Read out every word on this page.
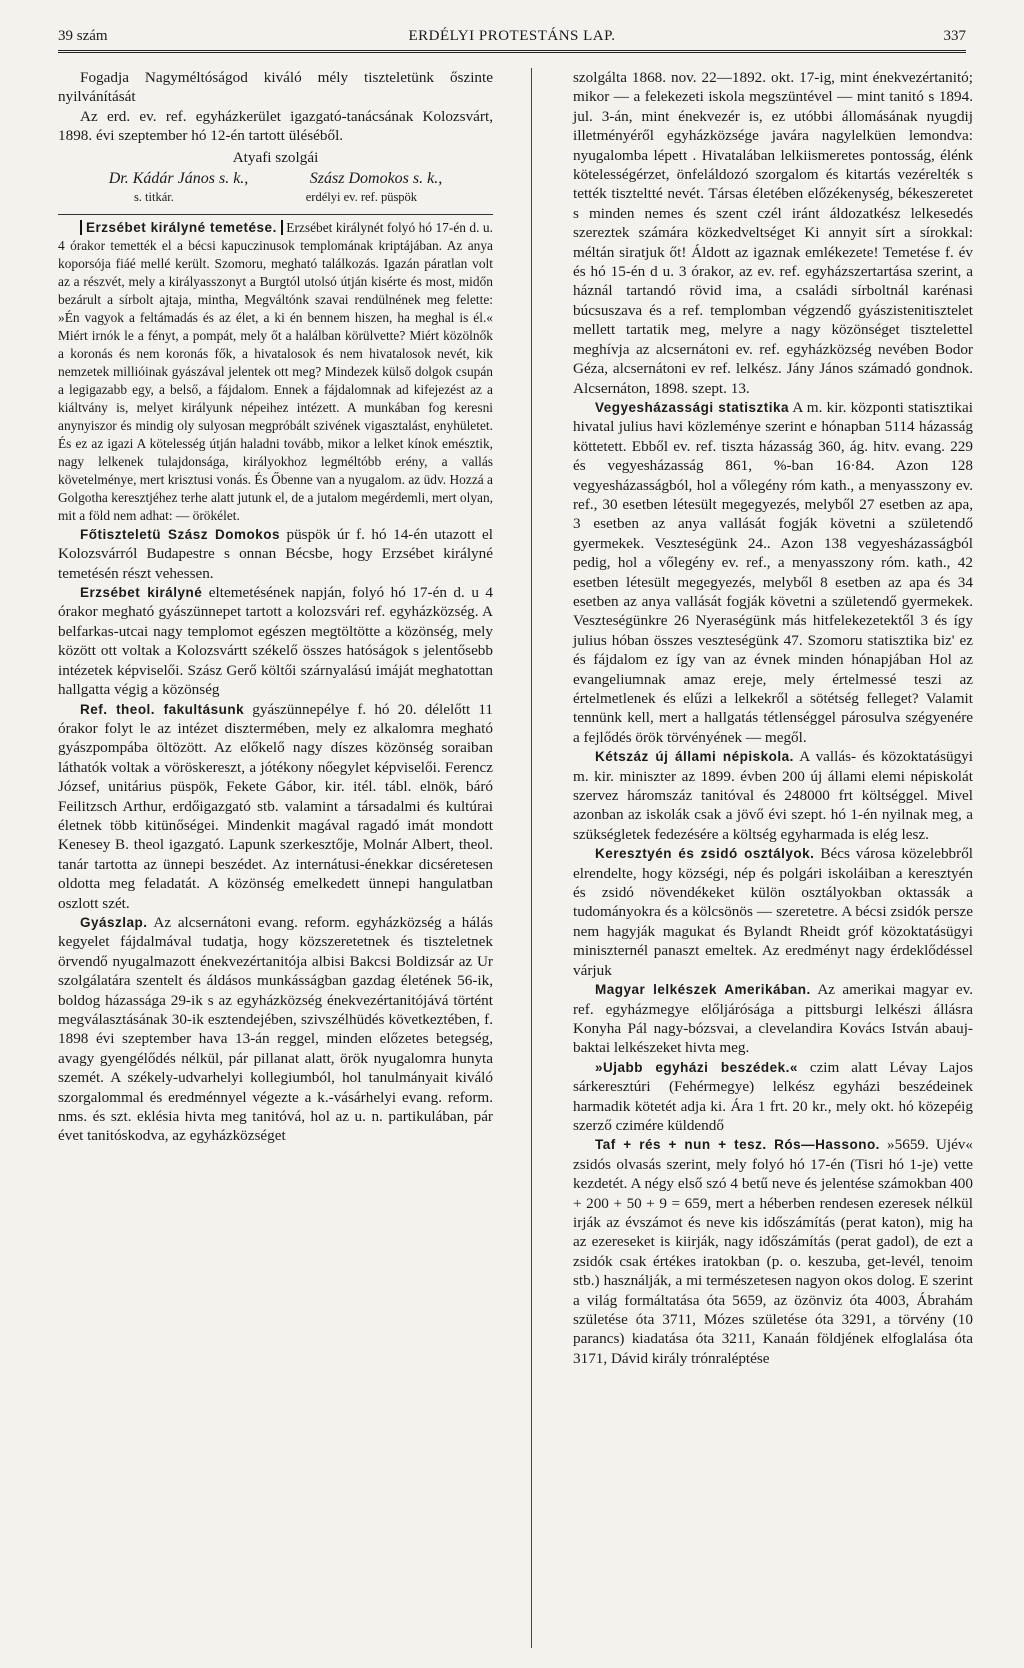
39 szám	ERDÉLYI PROTESTÁNS LAP.	337

Fogadja Nagyméltóságod kiváló mély tiszteletünk őszinte nyilvánítását

Az erd. ev. ref. egyházkerület igazgató-tanácsának Kolozsvárt, 1898. évi szeptember hó 12-én tartott üléséből.

Atyafi szolgái
Dr. Kádár János s. k.,	Szász Domokos s. k.,
s. titkár.	erdélyi ev. ref. püspök

Erzsébet királyné temetése. Erzsébet királynét folyó hó 17-én d. u. 4 órakor temették el a bécsi kapuczinusok templomának kriptájában. Az anya koporsója fiáé mellé került. Szomoru, megható találkozás. Igazán páratlan volt az a részvét, mely a királyasszonyt a Burgtól utolsó útján kisérte és most, midőn bezárult a sírbolt ajtaja, mintha, Megváltónk szavai rendülnének meg felette: »Én vagyok a feltámadás és az élet, a ki én bennem hiszen, ha meghal is él.« Miért irnók le a fényt, a pompát, mely őt a halálban körülvette? Miért közölnők a koronás és nem koronás fők, a hivatalosok és nem hivatalosok nevét, kik nemzetek millióinak gyászával jelentek ott meg? Mindezek külső dolgok csupán a legigazabb egy, a belső, a fájdalom. Ennek a fájdalomnak ad kifejezést az a kiáltvány is, melyet királyunk népeihez intézett. A munkában fog keresni anynyiszor és mindig oly sulyosan megpróbált szivének vigasztalást, enyhületet. És ez az igazi A kötelesség útján haladni tovább, mikor a lelket kínok emésztik, nagy lelkenek tulajdonsága, királyokhoz legméltóbb erény, a vallás követelménye, mert krisztusi vonás. És Őbenne van a nyugalom. az üdv. Hozzá a Golgotha keresztjéhez terhe alatt jutunk el, de a jutalom megérdemli, mert olyan, mit a föld nem adhat: — örökélet.

Főtiszteletü Szász Domokos püspök úr f. hó 14-én utazott el Kolozsvárról Budapestre s onnan Bécsbe, hogy Erzsébet királyné temetésén részt vehessen.

Erzsébet királyné eltemetésének napján, folyó hó 17-én d. u 4 órakor megható gyászünnepet tartott a kolozsvári ref. egyházközség. A belfarkas-utcai nagy templomot egészen megtöltötte a közönség, mely között ott voltak a Kolozsvártt székelő összes hatóságok s jelentősebb intézetek képviselői. Szász Gerő költői szárnyalású imáját meghatottan hallgatta végig a közönség

Ref. theol. fakultásunk gyászünnepélye f. hó 20. délelőtt 11 órakor folyt le az intézet disztermében, mely ez alkalomra megható gyászpompába öltözött. Az előkelő nagy díszes közönség soraiban láthatók voltak a vöröskereszt, a jótékony nőegylet képviselői. Ferencz József, unitárius püspök, Fekete Gábor, kir. itél. tábl. elnök, báró Feilitzsch Arthur, erdőigazgató stb. valamint a társadalmi és kultúrai életnek több kitünőségei. Mindenkit magával ragadó imát mondott Kenesey B. theol igazgató. Lapunk szerkesztője, Molnár Albert, theol. tanár tartotta az ünnepi beszédet. Az internátusi-énekkar dicséretesen oldotta meg feladatát. A közönség emelkedett ünnepi hangulatban oszlott szét.

Gyászlap. Az alcsernátoni evang. reform. egyházközség a hálás kegyelet fájdalmával tudatja, hogy közszeretetnek és tiszteletnek örvendő nyugalmazott énekvezértanitója albisi Bakcsi Boldizsár az Ur szolgálatára szentelt és áldásos munkásságban gazdag életének 56-ik, boldog házassága 29-ik s az egyházközség énekvezértanitójává történt megválasztásának 30-ik esztendejében, szivszélhüdés következtében, f. 1898 évi szeptember hava 13-án reggel, minden előzetes betegség, avagy gyengélődés nélkül, pár pillanat alatt, örök nyugalomra hunyta szemét. A székely-udvarhelyi kollegiumból, hol tanulmányait kiváló szorgalommal és eredménnyel végezte a k.-vásárhelyi evang. reform. nms. és szt. eklésia hivta meg tanitóvá, hol az u. n. partikulában, pár évet tanitóskodva, az egyházközséget

szolgálta 1868. nov. 22—1892. okt. 17-ig, mint énekvezértanitó; mikor — a felekezeti iskola megszüntével — mint tanitó s 1894. jul. 3-án, mint énekvezér is, ez utóbbi állomásának nyugdij illetményéről egyházközsége javára nagylelküen lemondva: nyugalomba lépett . Hivatalában lelkiismeretes pontosság, élénk kötelességérzet, önfeláldozó szorgalom és kitartás vezérelték s tették tiszteltté nevét. Társas életében előzékenység, békeszeretet s minden nemes és szent czél iránt áldozatkész lelkesedés szereztek számára közkedveltséget Ki annyit sírt a sírokkal: méltán siratjuk őt! Áldott az igaznak emlékezete! Temetése f. év és hó 15-én d u. 3 órakor, az ev. ref. egyházszertartása szerint, a háznál tartandó rövid ima, a családi sírboltnál karénasi búcsuszava és a ref. templomban végzendő gyászistenitisztelet mellett tartatik meg, melyre a nagy közönséget tisztelettel meghívja az alcsernátoni ev. ref. egyházközség nevében Bodor Géza, alcsernátoni ev ref. lelkész. Jány János számadó gondnok. Alcsernáton, 1898. szept. 13.

Vegyesházassági statisztika A m. kir. központi statisztikai hivatal julius havi közleménye szerint e hónapban 5114 házasság köttetett. Ebből ev. ref. tiszta házasság 360, ág. hitv. evang. 229 és vegyesházasság 861, %-ban 16·84. Azon 128 vegyesházasságból, hol a vőlegény róm kath., a menyasszony ev. ref., 30 esetben létesült megegyezés, melyből 27 esetben az apa, 3 esetben az anya vallását fogják követni a születendő gyermekek. Veszteségünk 24.. Azon 138 vegyesházasságból pedig, hol a vőlegény ev. ref., a menyasszony róm. kath., 42 esetben létesült megegyezés, melyből 8 esetben az apa és 34 esetben az anya vallását fogják követni a születendő gyermekek. Veszteségünkre 26 Nyeraségünk más hitfelekezetektől 3 és így julius hóban összes veszteségünk 47. Szomoru statisztika biz' ez és fájdalom ez így van az évnek minden hónapjában Hol az evangeliumnak amaz ereje, mely értelmessé teszi az értelmetlenek és elűzi a lelkekről a sötétség felleget? Valamit tennünk kell, mert a hallgatás tétlenséggel párosulva szégyenére a fejlődés örök törvényének — megől.

Kétszáz új állami népiskola. A vallás- és közoktatásügyi m. kir. miniszter az 1899. évben 200 új állami elemi népiskolát szervez háromszáz tanitóval és 248000 frt költséggel. Mivel azonban az iskolák csak a jövő évi szept. hó 1-én nyilnak meg, a szükségletek fedezésére a költség egyharmada is elég lesz.

Keresztyén és zsidó osztályok. Bécs városa közelebbről elrendelte, hogy községi, nép és polgári iskoláiban a keresztyén és zsidó növendékeket külön osztályokban oktassák a tudományokra és a kölcsönös — szeretetre. A bécsi zsidók persze nem hagyják magukat és Bylandt Rheidt gróf közoktatásügyi miniszternél panaszt emeltek. Az eredményt nagy érdeklődéssel várjuk

Magyar lelkészek Amerikában. Az amerikai magyar ev. ref. egyházmegye előljárósága a pittsburgi lelkészi állásra Konyha Pál nagy-bózsvai, a clevelandira Kovács István abauj-baktai lelkészeket hivta meg.

»Ujabb egyházi beszédek.« czim alatt Lévay Lajos sárkeresztúri (Fehérmegye) lelkész egyházi beszédeinek harmadik kötetét adja ki. Ára 1 frt. 20 kr., mely okt. hó közepéig szerző czimére küldendő

Taf + rés + nun + tesz. Rós—Hassono. »5659. Ujév« zsidós olvasás szerint, mely folyó hó 17-én (Tisri hó 1-je) vette kezdetét. A négy első szó 4 betű neve és jelentése számokban 400 + 200 + 50 + 9 = 659, mert a héberben rendesen ezeresek nélkül irják az évszámot és neve kis időszámítás (perat katon), mig ha az ezereseket is kiirják, nagy időszámítás (perat gadol), de ezt a zsidók csak értékes iratokban (p. o. keszuba, get-levél, tenoim stb.) használják, a mi természetesen nagyon okos dolog. E szerint a világ formáltatása óta 5659, az özönviz óta 4003, Ábrahám születése óta 3711, Mózes születése óta 3291, a törvény (10 parancs) kiadatása óta 3211, Kanaán földjének elfoglalása óta 3171, Dávid király trónraléptése
